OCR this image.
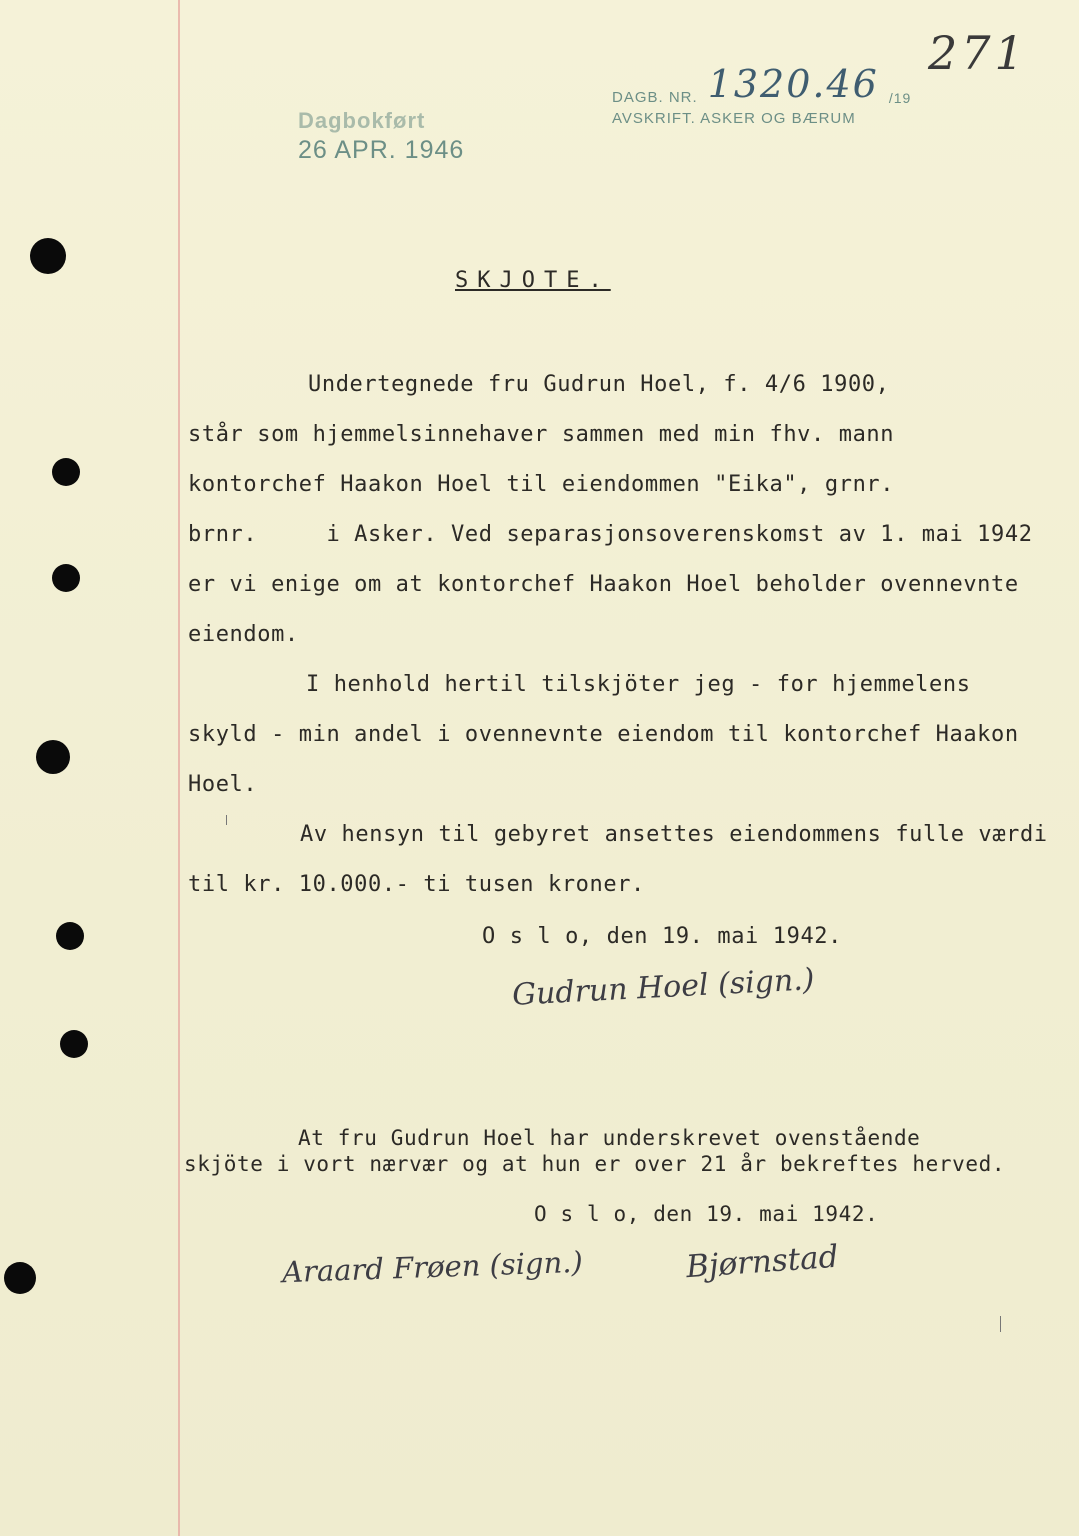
Dagbokført
26 APR. 1946
DAGB. NR. 1320.46 /19
AVSKRIFT. ASKER OG BÆRUM
271
SKJOTE.
Undertegnede fru Gudrun Hoel, f. 4/6 1900,
står som hjemmelsinnehaver sammen med min fhv. mann
kontorchef Haakon Hoel til eiendommen "Eika", grnr.
brnr.     i Asker. Ved separasjonsoverenskomst av 1. mai 1942
er vi enige om at kontorchef Haakon Hoel beholder ovennevnte
eiendom.
I henhold hertil tilskjöter jeg - for hjemmelens
skyld - min andel i ovennevnte eiendom til kontorchef Haakon
Hoel.
Av hensyn til gebyret ansettes eiendommens fulle værdi
til kr. 10.000.- ti tusen kroner.
O s l o, den 19. mai 1942.
Gudrun Hoel (sign.)
At fru Gudrun Hoel har underskrevet ovenstående
skjöte i vort nærvær og at hun er over 21 år bekreftes herved.
O s l o, den 19. mai 1942.
Araard Frøen (sign.)	Bjørnstad
